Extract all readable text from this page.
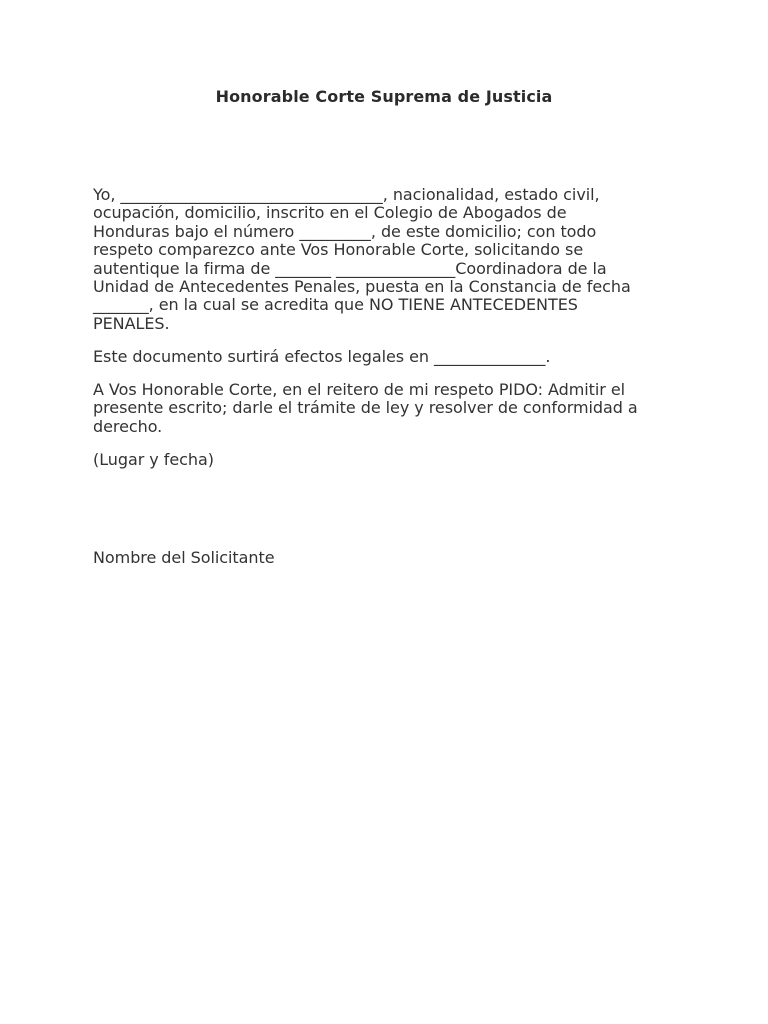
Honorable Corte Suprema de Justicia

Yo, _________________________________, nacionalidad, estado civil,
ocupación, domicilio, inscrito en el Colegio de Abogados de
Honduras bajo el número _________, de este domicilio; con todo
respeto comparezco ante Vos Honorable Corte, solicitando se
autentique la firma de _______ _______________Coordinadora de la
Unidad de Antecedentes Penales, puesta en la Constancia de fecha
_______, en la cual se acredita que NO TIENE ANTECEDENTES
PENALES.

Este documento surtirá efectos legales en ______________.

A Vos Honorable Corte, en el reitero de mi respeto PIDO: Admitir el
presente escrito; darle el trámite de ley y resolver de conformidad a
derecho.

(Lugar y fecha)

Nombre del Solicitante
